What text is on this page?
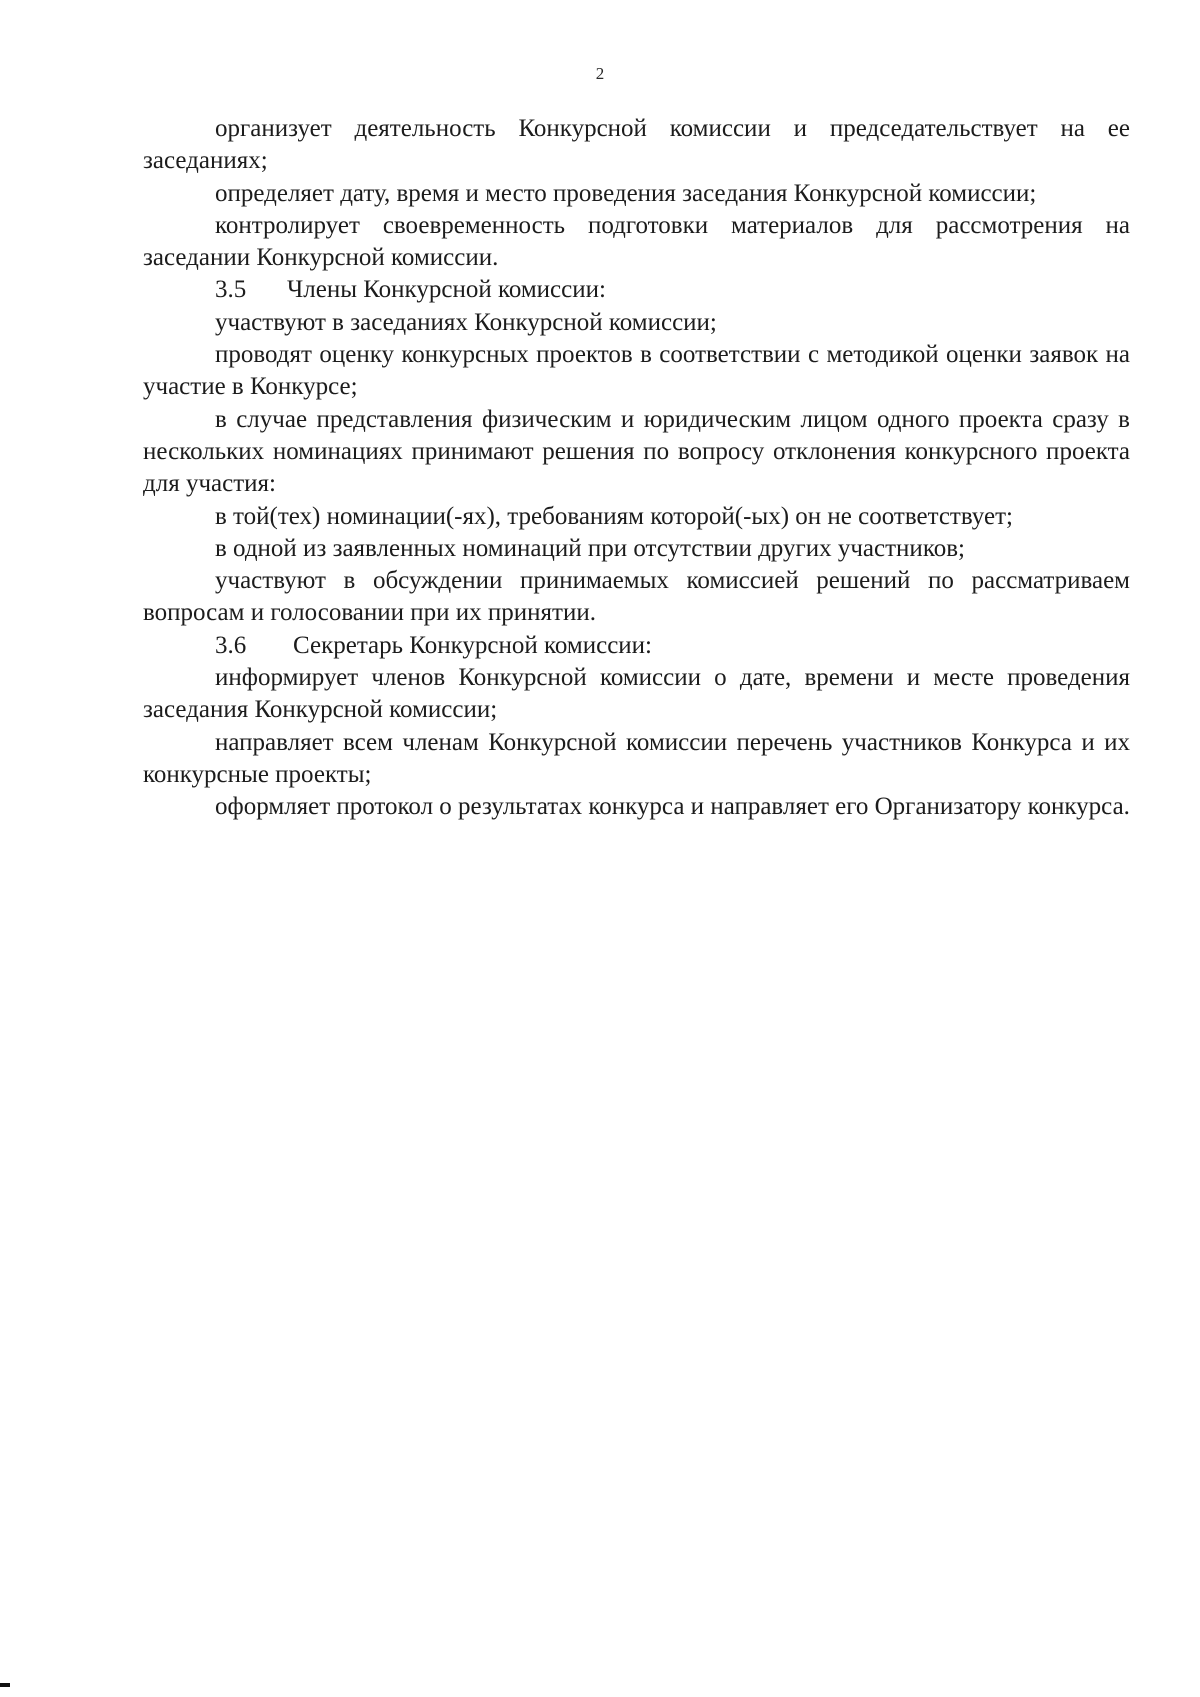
2

организует деятельность Конкурсной комиссии и председательствует на ее заседаниях;

определяет дату, время и место проведения заседания Конкурсной комиссии;

контролирует своевременность подготовки материалов для рассмотрения на заседании Конкурсной комиссии.

3.5 Члены Конкурсной комиссии:

участвуют в заседаниях Конкурсной комиссии;

проводят оценку конкурсных проектов в соответствии с методикой оценки заявок на участие в Конкурсе;

в случае представления физическим и юридическим лицом одного проекта сразу в нескольких номинациях принимают решения по вопросу отклонения конкурсного проекта для участия:

в той(тех) номинации(-ях), требованиям которой(-ых) он не соответствует;

в одной из заявленных номинаций при отсутствии других участников;

участвуют в обсуждении принимаемых комиссией решений по рассматриваем вопросам и голосовании при их принятии.

3.6 Секретарь Конкурсной комиссии:

информирует членов Конкурсной комиссии о дате, времени и месте проведения заседания Конкурсной комиссии;

направляет всем членам Конкурсной комиссии перечень участников Конкурса и их конкурсные проекты;

оформляет протокол о результатах конкурса и направляет его Организатору конкурса.
